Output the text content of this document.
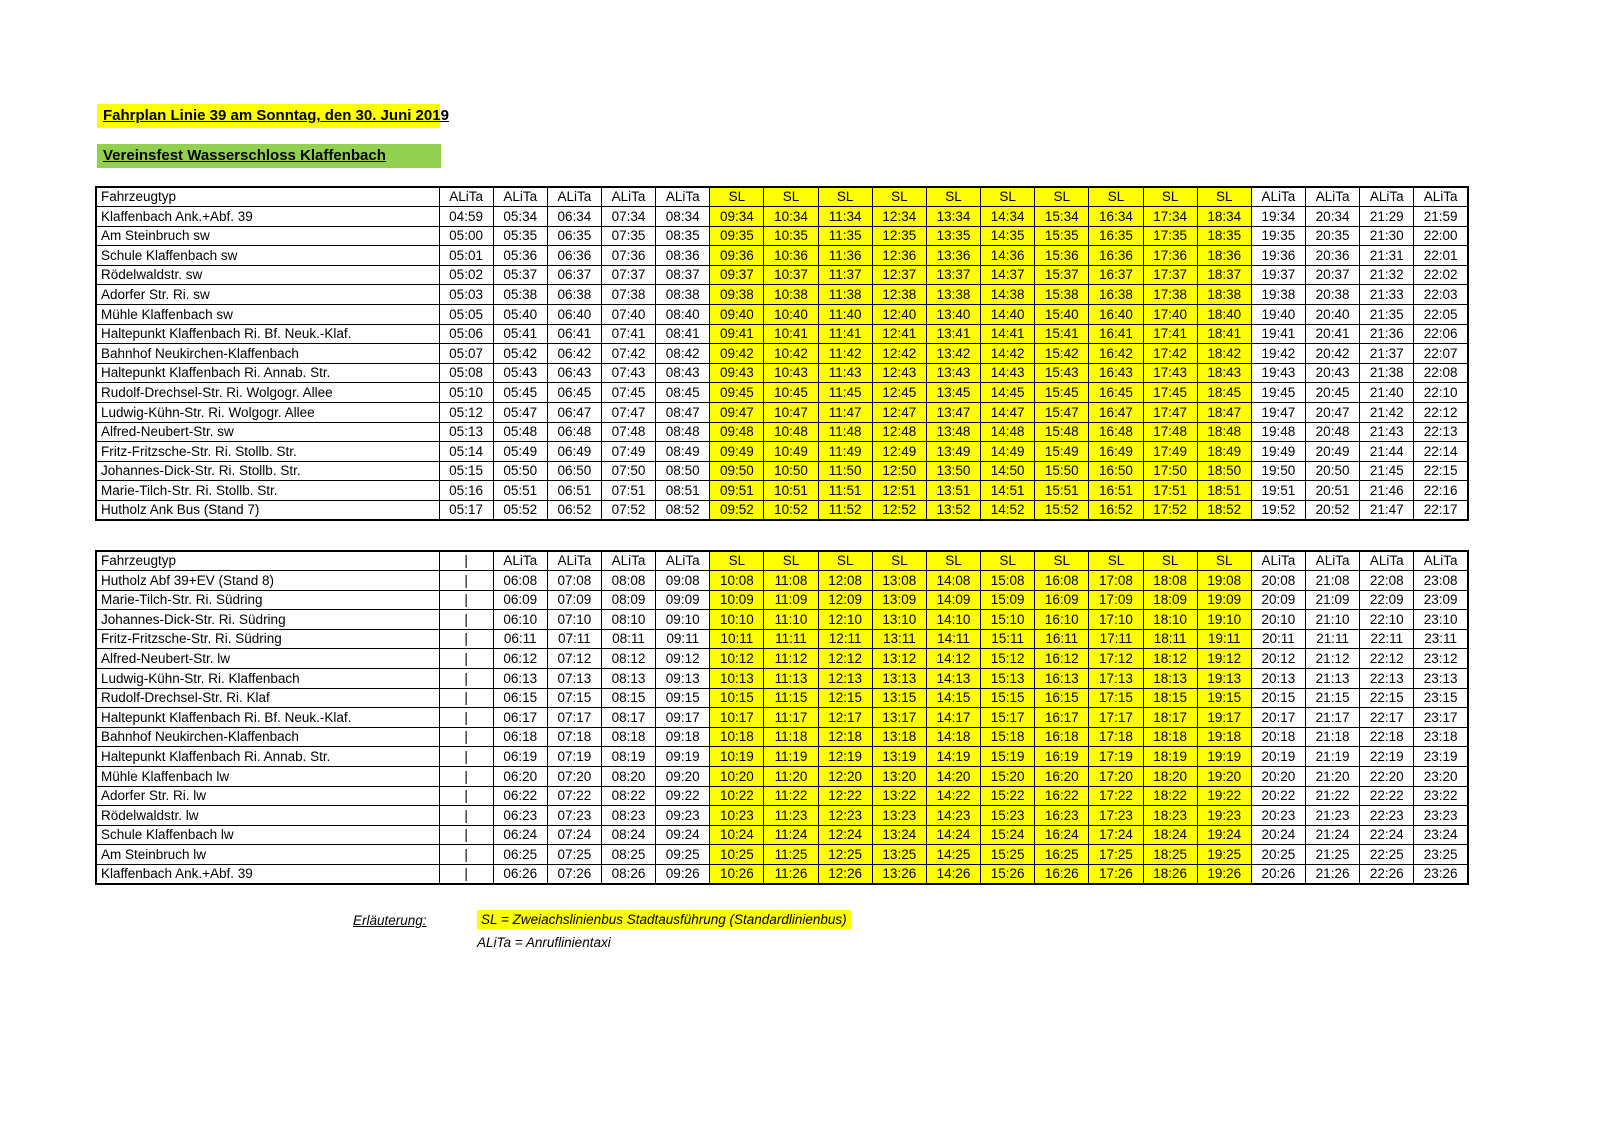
Fahrplan Linie 39 am Sonntag, den 30. Juni 2019
Vereinsfest Wasserschloss Klaffenbach
Fahrzeugtyp	ALiTa	ALiTa	ALiTa	ALiTa	ALiTa	SL	SL	SL	SL	SL	SL	SL	SL	SL	SL	ALiTa	ALiTa	ALiTa	ALiTa
Klaffenbach Ank.+Abf. 39	04:59	05:34	06:34	07:34	08:34	09:34	10:34	11:34	12:34	13:34	14:34	15:34	16:34	17:34	18:34	19:34	20:34	21:29	21:59
Am Steinbruch sw	05:00	05:35	06:35	07:35	08:35	09:35	10:35	11:35	12:35	13:35	14:35	15:35	16:35	17:35	18:35	19:35	20:35	21:30	22:00
Schule Klaffenbach sw	05:01	05:36	06:36	07:36	08:36	09:36	10:36	11:36	12:36	13:36	14:36	15:36	16:36	17:36	18:36	19:36	20:36	21:31	22:01
Rödelwaldstr. sw	05:02	05:37	06:37	07:37	08:37	09:37	10:37	11:37	12:37	13:37	14:37	15:37	16:37	17:37	18:37	19:37	20:37	21:32	22:02
Adorfer Str. Ri. sw	05:03	05:38	06:38	07:38	08:38	09:38	10:38	11:38	12:38	13:38	14:38	15:38	16:38	17:38	18:38	19:38	20:38	21:33	22:03
Mühle Klaffenbach sw	05:05	05:40	06:40	07:40	08:40	09:40	10:40	11:40	12:40	13:40	14:40	15:40	16:40	17:40	18:40	19:40	20:40	21:35	22:05
Haltepunkt Klaffenbach Ri. Bf. Neuk.-Klaf.	05:06	05:41	06:41	07:41	08:41	09:41	10:41	11:41	12:41	13:41	14:41	15:41	16:41	17:41	18:41	19:41	20:41	21:36	22:06
Bahnhof Neukirchen-Klaffenbach	05:07	05:42	06:42	07:42	08:42	09:42	10:42	11:42	12:42	13:42	14:42	15:42	16:42	17:42	18:42	19:42	20:42	21:37	22:07
Haltepunkt Klaffenbach Ri. Annab. Str.	05:08	05:43	06:43	07:43	08:43	09:43	10:43	11:43	12:43	13:43	14:43	15:43	16:43	17:43	18:43	19:43	20:43	21:38	22:08
Rudolf-Drechsel-Str. Ri. Wolgogr. Allee	05:10	05:45	06:45	07:45	08:45	09:45	10:45	11:45	12:45	13:45	14:45	15:45	16:45	17:45	18:45	19:45	20:45	21:40	22:10
Ludwig-Kühn-Str. Ri. Wolgogr. Allee	05:12	05:47	06:47	07:47	08:47	09:47	10:47	11:47	12:47	13:47	14:47	15:47	16:47	17:47	18:47	19:47	20:47	21:42	22:12
Alfred-Neubert-Str. sw	05:13	05:48	06:48	07:48	08:48	09:48	10:48	11:48	12:48	13:48	14:48	15:48	16:48	17:48	18:48	19:48	20:48	21:43	22:13
Fritz-Fritzsche-Str. Ri. Stollb. Str.	05:14	05:49	06:49	07:49	08:49	09:49	10:49	11:49	12:49	13:49	14:49	15:49	16:49	17:49	18:49	19:49	20:49	21:44	22:14
Johannes-Dick-Str. Ri. Stollb. Str.	05:15	05:50	06:50	07:50	08:50	09:50	10:50	11:50	12:50	13:50	14:50	15:50	16:50	17:50	18:50	19:50	20:50	21:45	22:15
Marie-Tilch-Str. Ri. Stollb. Str.	05:16	05:51	06:51	07:51	08:51	09:51	10:51	11:51	12:51	13:51	14:51	15:51	16:51	17:51	18:51	19:51	20:51	21:46	22:16
Hutholz Ank Bus (Stand 7)	05:17	05:52	06:52	07:52	08:52	09:52	10:52	11:52	12:52	13:52	14:52	15:52	16:52	17:52	18:52	19:52	20:52	21:47	22:17
Fahrzeugtyp	|	ALiTa	ALiTa	ALiTa	ALiTa	SL	SL	SL	SL	SL	SL	SL	SL	SL	SL	ALiTa	ALiTa	ALiTa	ALiTa
Hutholz Abf 39+EV (Stand 8)	|	06:08	07:08	08:08	09:08	10:08	11:08	12:08	13:08	14:08	15:08	16:08	17:08	18:08	19:08	20:08	21:08	22:08	23:08
Marie-Tilch-Str. Ri. Südring	|	06:09	07:09	08:09	09:09	10:09	11:09	12:09	13:09	14:09	15:09	16:09	17:09	18:09	19:09	20:09	21:09	22:09	23:09
Johannes-Dick-Str. Ri. Südring	|	06:10	07:10	08:10	09:10	10:10	11:10	12:10	13:10	14:10	15:10	16:10	17:10	18:10	19:10	20:10	21:10	22:10	23:10
Fritz-Fritzsche-Str. Ri. Südring	|	06:11	07:11	08:11	09:11	10:11	11:11	12:11	13:11	14:11	15:11	16:11	17:11	18:11	19:11	20:11	21:11	22:11	23:11
Alfred-Neubert-Str. lw	|	06:12	07:12	08:12	09:12	10:12	11:12	12:12	13:12	14:12	15:12	16:12	17:12	18:12	19:12	20:12	21:12	22:12	23:12
Ludwig-Kühn-Str. Ri. Klaffenbach	|	06:13	07:13	08:13	09:13	10:13	11:13	12:13	13:13	14:13	15:13	16:13	17:13	18:13	19:13	20:13	21:13	22:13	23:13
Rudolf-Drechsel-Str. Ri. Klaf	|	06:15	07:15	08:15	09:15	10:15	11:15	12:15	13:15	14:15	15:15	16:15	17:15	18:15	19:15	20:15	21:15	22:15	23:15
Haltepunkt Klaffenbach Ri. Bf. Neuk.-Klaf.	|	06:17	07:17	08:17	09:17	10:17	11:17	12:17	13:17	14:17	15:17	16:17	17:17	18:17	19:17	20:17	21:17	22:17	23:17
Bahnhof Neukirchen-Klaffenbach	|	06:18	07:18	08:18	09:18	10:18	11:18	12:18	13:18	14:18	15:18	16:18	17:18	18:18	19:18	20:18	21:18	22:18	23:18
Haltepunkt Klaffenbach Ri. Annab. Str.	|	06:19	07:19	08:19	09:19	10:19	11:19	12:19	13:19	14:19	15:19	16:19	17:19	18:19	19:19	20:19	21:19	22:19	23:19
Mühle Klaffenbach lw	|	06:20	07:20	08:20	09:20	10:20	11:20	12:20	13:20	14:20	15:20	16:20	17:20	18:20	19:20	20:20	21:20	22:20	23:20
Adorfer Str. Ri. lw	|	06:22	07:22	08:22	09:22	10:22	11:22	12:22	13:22	14:22	15:22	16:22	17:22	18:22	19:22	20:22	21:22	22:22	23:22
Rödelwaldstr. lw	|	06:23	07:23	08:23	09:23	10:23	11:23	12:23	13:23	14:23	15:23	16:23	17:23	18:23	19:23	20:23	21:23	22:23	23:23
Schule Klaffenbach lw	|	06:24	07:24	08:24	09:24	10:24	11:24	12:24	13:24	14:24	15:24	16:24	17:24	18:24	19:24	20:24	21:24	22:24	23:24
Am Steinbruch lw	|	06:25	07:25	08:25	09:25	10:25	11:25	12:25	13:25	14:25	15:25	16:25	17:25	18:25	19:25	20:25	21:25	22:25	23:25
Klaffenbach Ank.+Abf. 39	|	06:26	07:26	08:26	09:26	10:26	11:26	12:26	13:26	14:26	15:26	16:26	17:26	18:26	19:26	20:26	21:26	22:26	23:26
Erläuterung:	SL = Zweiachslinienbus Stadtausführung (Standardlinienbus)
ALiTa = Anruflinientaxi
